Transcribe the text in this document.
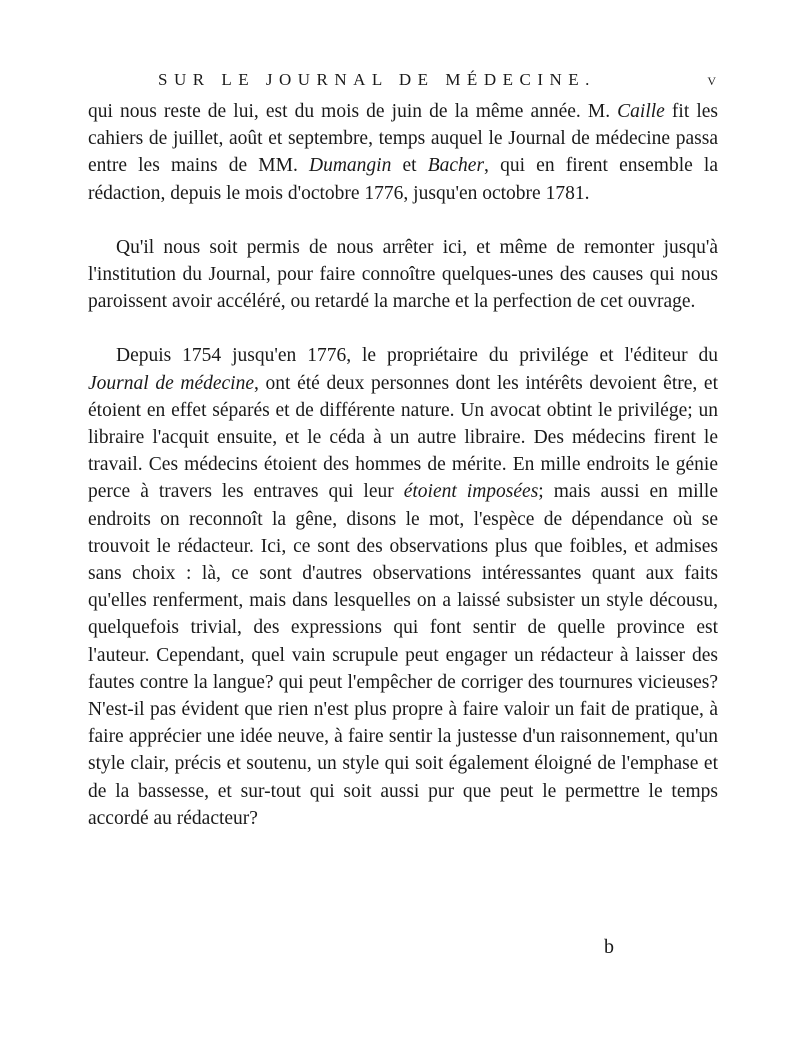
SUR LE JOURNAL DE MÉDECINE.	v

qui nous reste de lui, est du mois de juin de la même année. M. Caille fit les cahiers de juillet, août et septembre, temps auquel le Journal de médecine passa entre les mains de MM. Dumangin et Bacher, qui en firent ensemble la rédaction, depuis le mois d'octobre 1776, jusqu'en octobre 1781.

Qu'il nous soit permis de nous arrêter ici, et même de remonter jusqu'à l'institution du Journal, pour faire connoître quelques-unes des causes qui nous paroissent avoir accéléré, ou retardé la marche et la perfection de cet ouvrage.

Depuis 1754 jusqu'en 1776, le propriétaire du privilége et l'éditeur du Journal de médecine, ont été deux personnes dont les intérêts devoient être, et étoient en effet séparés et de différente nature. Un avocat obtint le privilége; un libraire l'acquit ensuite, et le céda à un autre libraire. Des médecins firent le travail. Ces médecins étoient des hommes de mérite. En mille endroits le génie perce à travers les entraves qui leur étoient imposées; mais aussi en mille endroits on reconnoît la gêne, disons le mot, l'espèce de dépendance où se trouvoit le rédacteur. Ici, ce sont des observations plus que foibles, et admises sans choix : là, ce sont d'autres observations intéressantes quant aux faits qu'elles renferment, mais dans lesquelles on a laissé subsister un style décousu, quelquefois trivial, des expressions qui font sentir de quelle province est l'auteur. Cependant, quel vain scrupule peut engager un rédacteur à laisser des fautes contre la langue? qui peut l'empêcher de corriger des tournures vicieuses? N'est-il pas évident que rien n'est plus propre à faire valoir un fait de pratique, à faire apprécier une idée neuve, à faire sentir la justesse d'un raisonnement, qu'un style clair, précis et soutenu, un style qui soit également éloigné de l'emphase et de la bassesse, et sur-tout qui soit aussi pur que peut le permettre le temps accordé au rédacteur?

b
